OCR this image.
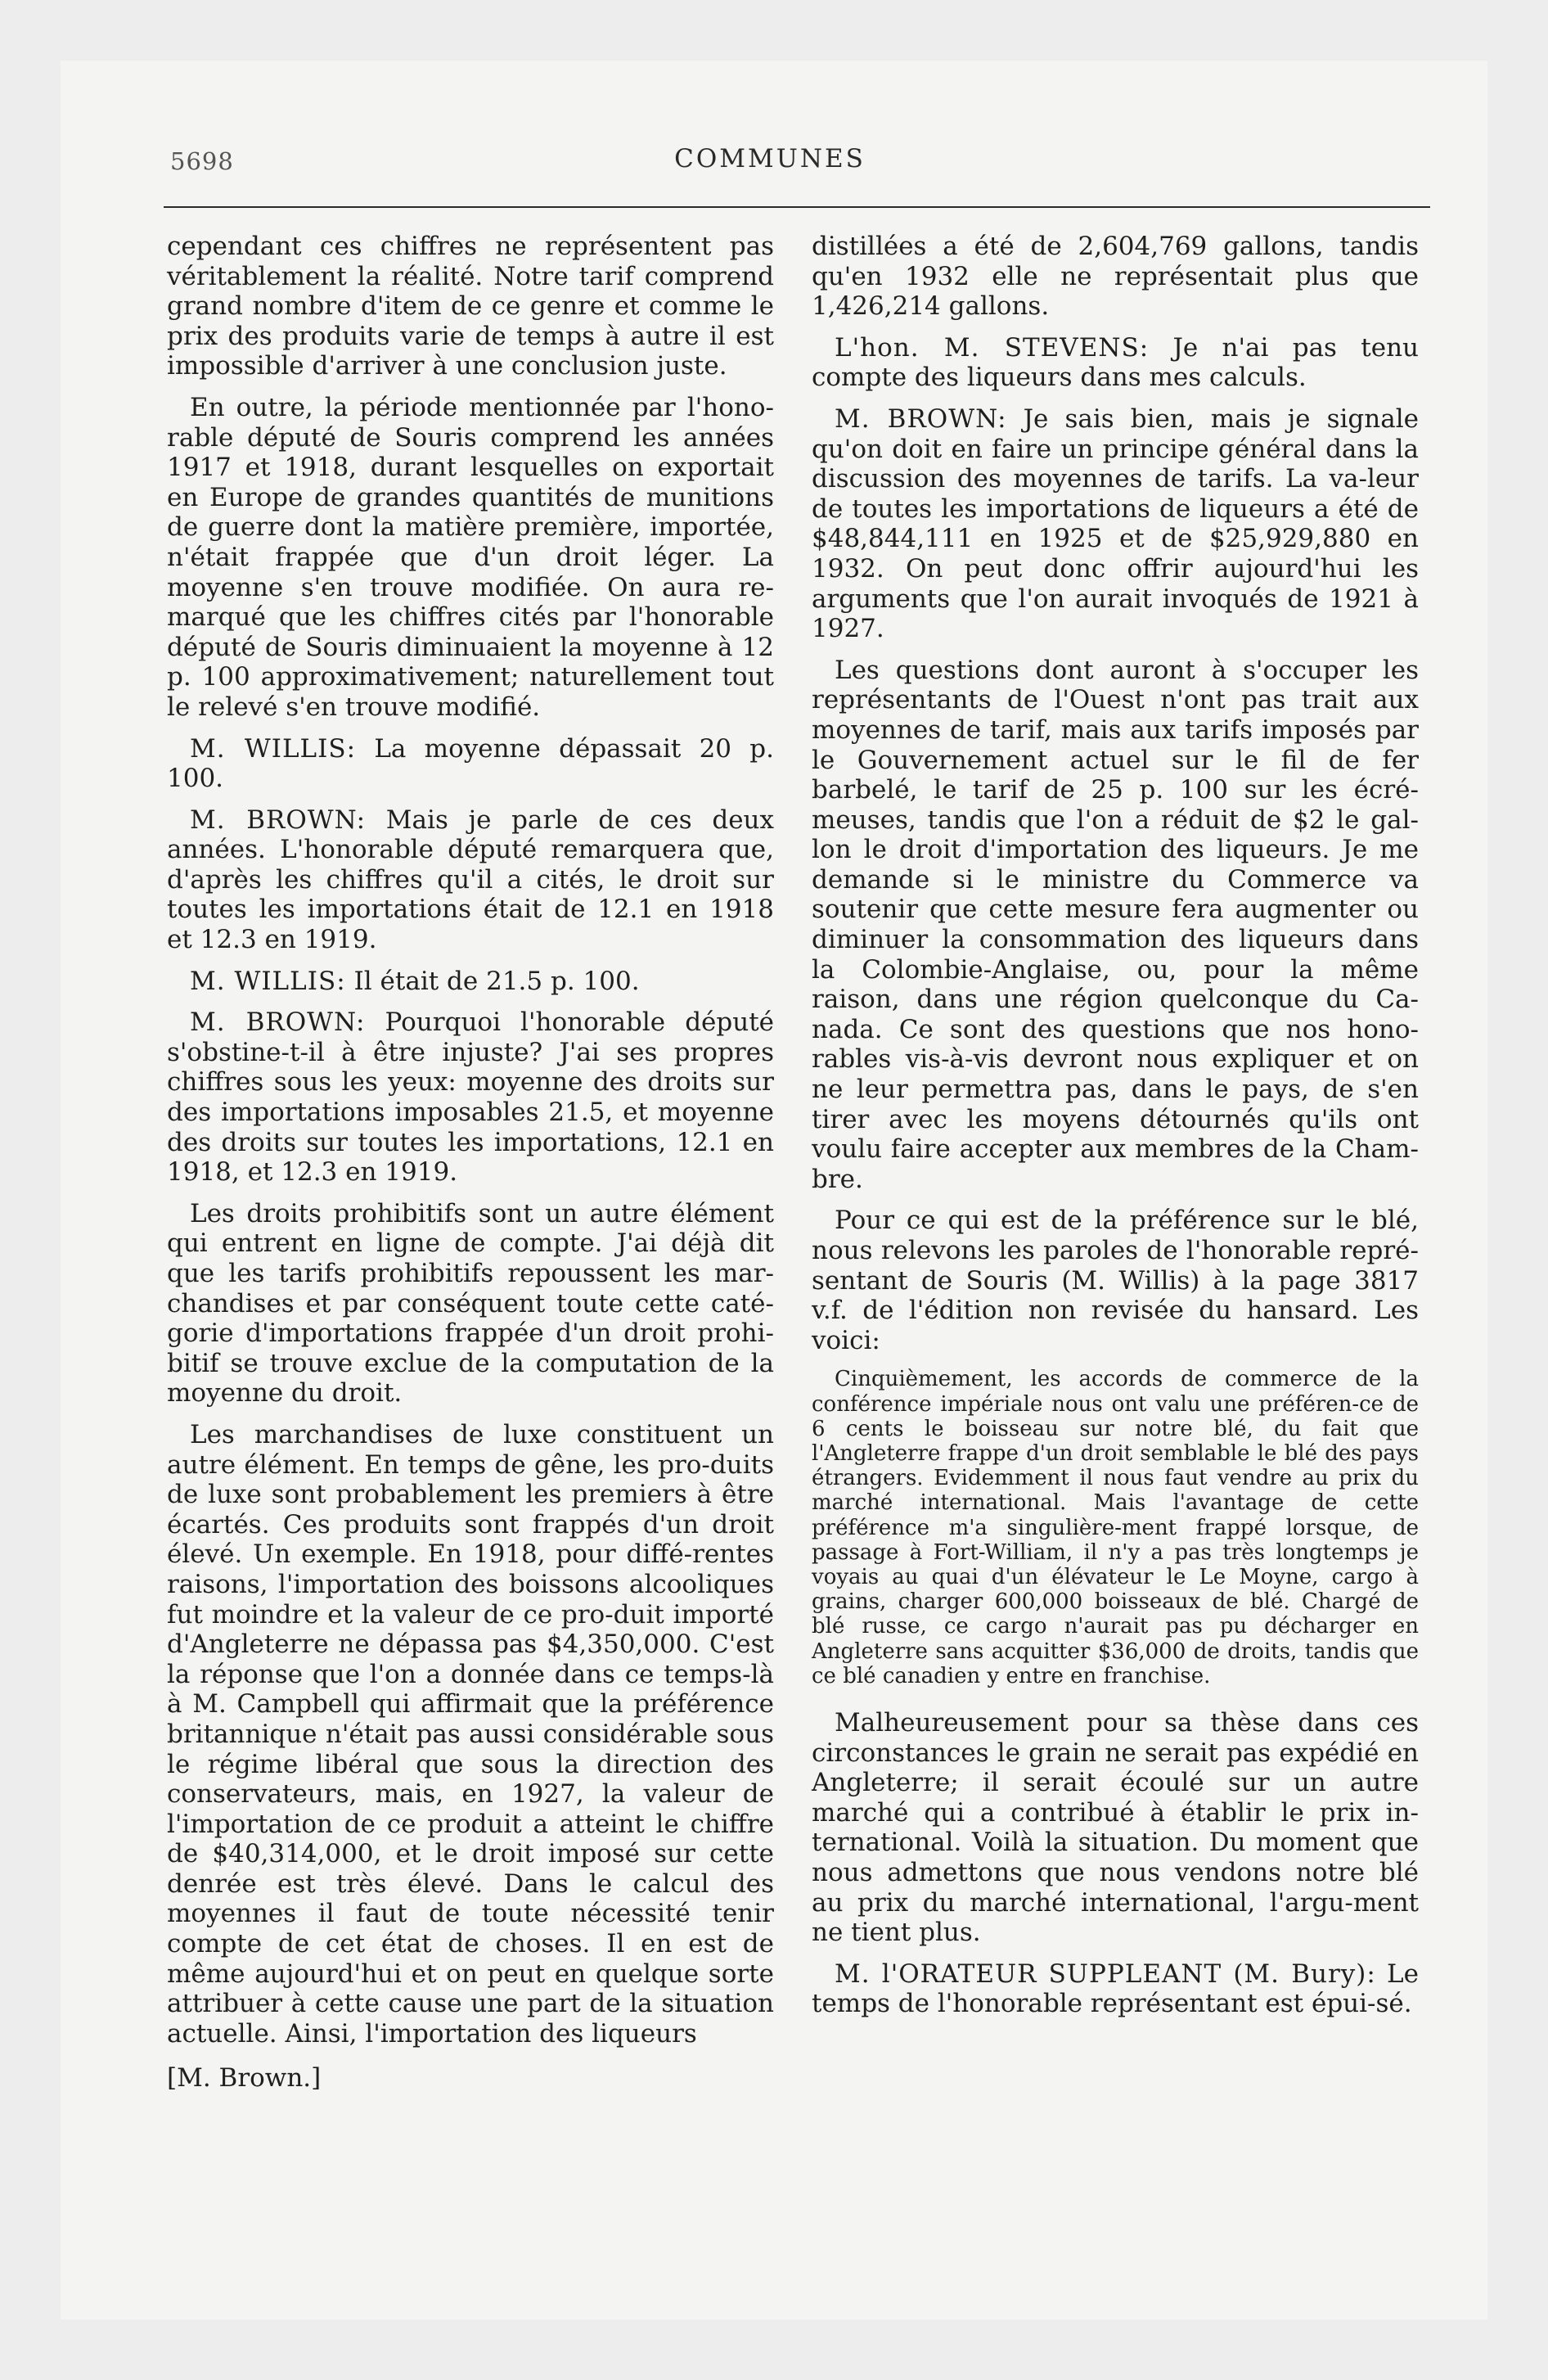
5698	COMMUNES

cependant ces chiffres ne représentent pas véritablement la réalité. Notre tarif comprend grand nombre d'item de ce genre et comme le prix des produits varie de temps à autre il est impossible d'arriver à une conclusion juste.

En outre, la période mentionnée par l'hono-rable député de Souris comprend les années 1917 et 1918, durant lesquelles on exportait en Europe de grandes quantités de munitions de guerre dont la matière première, importée, n'était frappée que d'un droit léger. La moyenne s'en trouve modifiée. On aura re-marqué que les chiffres cités par l'honorable député de Souris diminuaient la moyenne à 12 p. 100 approximativement; naturellement tout le relevé s'en trouve modifié.

M. WILLIS: La moyenne dépassait 20 p. 100.

M. BROWN: Mais je parle de ces deux années. L'honorable député remarquera que, d'après les chiffres qu'il a cités, le droit sur toutes les importations était de 12.1 en 1918 et 12.3 en 1919.

M. WILLIS: Il était de 21.5 p. 100.

M. BROWN: Pourquoi l'honorable député s'obstine-t-il à être injuste? J'ai ses propres chiffres sous les yeux: moyenne des droits sur des importations imposables 21.5, et moyenne des droits sur toutes les importations, 12.1 en 1918, et 12.3 en 1919.

Les droits prohibitifs sont un autre élément qui entrent en ligne de compte. J'ai déjà dit que les tarifs prohibitifs repoussent les mar-chandises et par conséquent toute cette caté-gorie d'importations frappée d'un droit prohi-bitif se trouve exclue de la computation de la moyenne du droit.

Les marchandises de luxe constituent un autre élément. En temps de gêne, les pro-duits de luxe sont probablement les premiers à être écartés. Ces produits sont frappés d'un droit élevé. Un exemple. En 1918, pour diffé-rentes raisons, l'importation des boissons alcooliques fut moindre et la valeur de ce pro-duit importé d'Angleterre ne dépassa pas $4,350,000. C'est la réponse que l'on a donnée dans ce temps-là à M. Campbell qui affirmait que la préférence britannique n'était pas aussi considérable sous le régime libéral que sous la direction des conservateurs, mais, en 1927, la valeur de l'importation de ce produit a atteint le chiffre de $40,314,000, et le droit imposé sur cette denrée est très élevé. Dans le calcul des moyennes il faut de toute nécessité tenir compte de cet état de choses. Il en est de même aujourd'hui et on peut en quelque sorte attribuer à cette cause une part de la situation actuelle. Ainsi, l'importation des liqueurs

[M. Brown.]

distillées a été de 2,604,769 gallons, tandis qu'en 1932 elle ne représentait plus que 1,426,214 gallons.

L'hon. M. STEVENS: Je n'ai pas tenu compte des liqueurs dans mes calculs.

M. BROWN: Je sais bien, mais je signale qu'on doit en faire un principe général dans la discussion des moyennes de tarifs. La va-leur de toutes les importations de liqueurs a été de $48,844,111 en 1925 et de $25,929,880 en 1932. On peut donc offrir aujourd'hui les arguments que l'on aurait invoqués de 1921 à 1927.

Les questions dont auront à s'occuper les représentants de l'Ouest n'ont pas trait aux moyennes de tarif, mais aux tarifs imposés par le Gouvernement actuel sur le fil de fer barbelé, le tarif de 25 p. 100 sur les écré-meuses, tandis que l'on a réduit de $2 le gal-lon le droit d'importation des liqueurs. Je me demande si le ministre du Commerce va soutenir que cette mesure fera augmenter ou diminuer la consommation des liqueurs dans la Colombie-Anglaise, ou, pour la même raison, dans une région quelconque du Ca-nada. Ce sont des questions que nos hono-rables vis-à-vis devront nous expliquer et on ne leur permettra pas, dans le pays, de s'en tirer avec les moyens détournés qu'ils ont voulu faire accepter aux membres de la Cham-bre.

Pour ce qui est de la préférence sur le blé, nous relevons les paroles de l'honorable repré-sentant de Souris (M. Willis) à la page 3817 v.f. de l'édition non revisée du hansard. Les voici:

Cinquièmement, les accords de commerce de la conférence impériale nous ont valu une préféren-ce de 6 cents le boisseau sur notre blé, du fait que l'Angleterre frappe d'un droit semblable le blé des pays étrangers. Evidemment il nous faut vendre au prix du marché international. Mais l'avantage de cette préférence m'a singulière-ment frappé lorsque, de passage à Fort-William, il n'y a pas très longtemps je voyais au quai d'un élévateur le Le Moyne, cargo à grains, charger 600,000 boisseaux de blé. Chargé de blé russe, ce cargo n'aurait pas pu décharger en Angleterre sans acquitter $36,000 de droits, tandis que ce blé canadien y entre en franchise.

Malheureusement pour sa thèse dans ces circonstances le grain ne serait pas expédié en Angleterre; il serait écoulé sur un autre marché qui a contribué à établir le prix in-ternational. Voilà la situation. Du moment que nous admettons que nous vendons notre blé au prix du marché international, l'argu-ment ne tient plus.

M. l'ORATEUR SUPPLEANT (M. Bury): Le temps de l'honorable représentant est épui-sé.
